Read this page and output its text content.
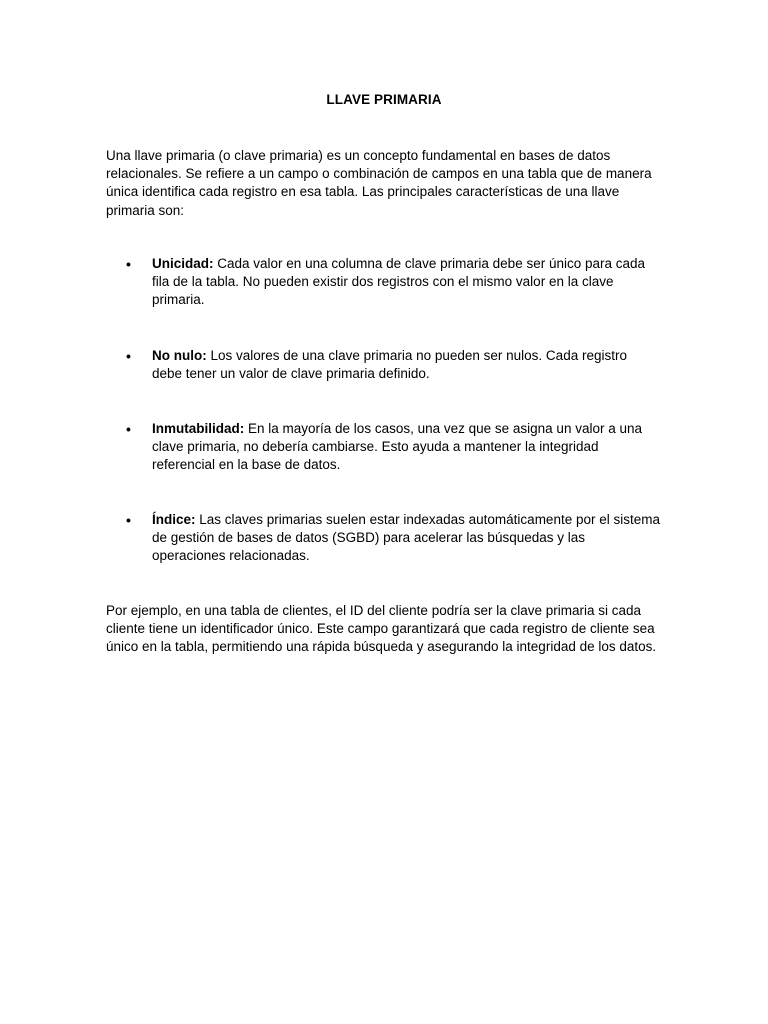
LLAVE PRIMARIA

Una llave primaria (o clave primaria) es un concepto fundamental en bases de datos relacionales. Se refiere a un campo o combinación de campos en una tabla que de manera única identifica cada registro en esa tabla. Las principales características de una llave primaria son:

•	Unicidad: Cada valor en una columna de clave primaria debe ser único para cada fila de la tabla. No pueden existir dos registros con el mismo valor en la clave primaria.
•	No nulo: Los valores de una clave primaria no pueden ser nulos. Cada registro debe tener un valor de clave primaria definido.
•	Inmutabilidad: En la mayoría de los casos, una vez que se asigna un valor a una clave primaria, no debería cambiarse. Esto ayuda a mantener la integridad referencial en la base de datos.
•	Índice: Las claves primarias suelen estar indexadas automáticamente por el sistema de gestión de bases de datos (SGBD) para acelerar las búsquedas y las operaciones relacionadas.

Por ejemplo, en una tabla de clientes, el ID del cliente podría ser la clave primaria si cada cliente tiene un identificador único. Este campo garantizará que cada registro de cliente sea único en la tabla, permitiendo una rápida búsqueda y asegurando la integridad de los datos.
